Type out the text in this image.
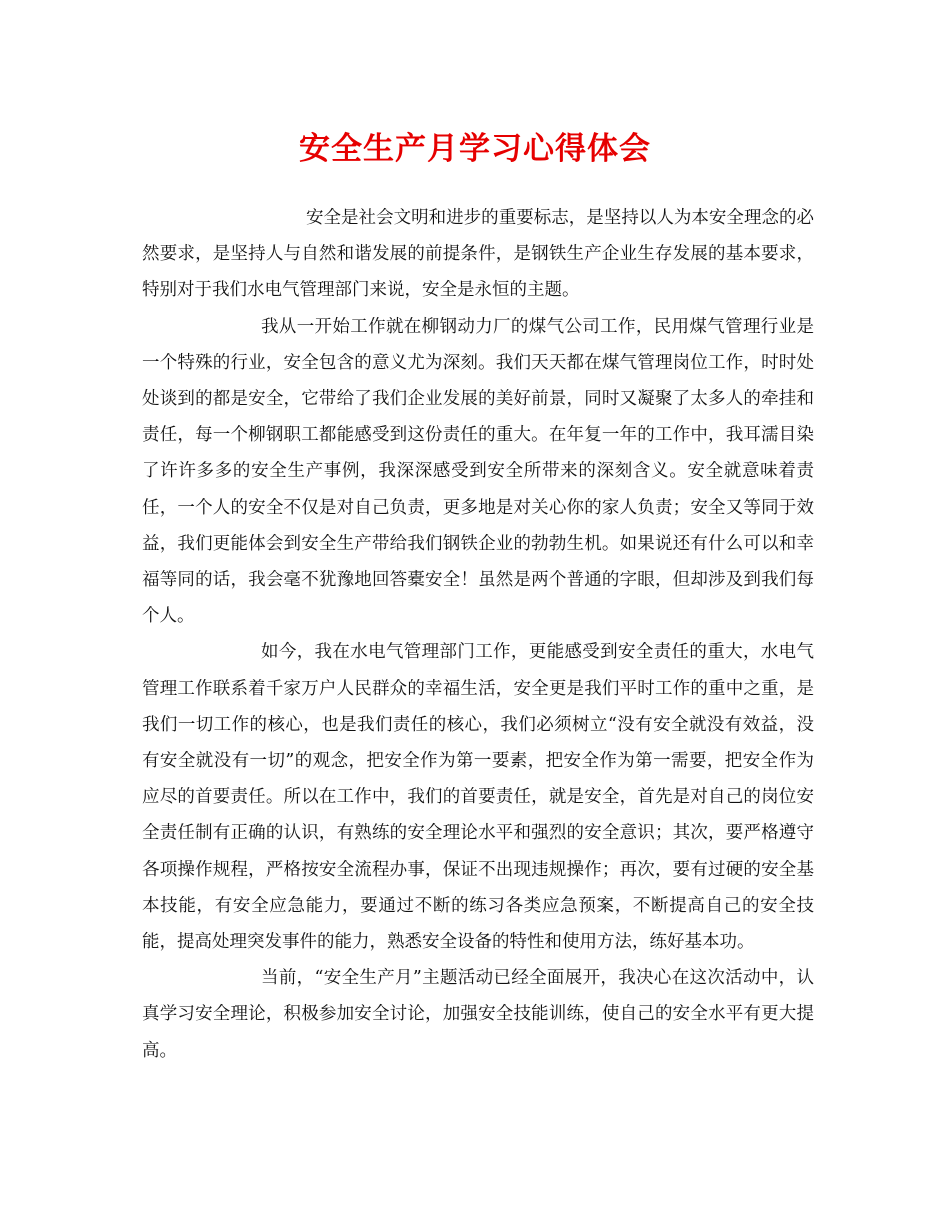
安全生产月学习心得体会

安全是社会文明和进步的重要标志，是坚持以人为本安全理念的必然要求，是坚持人与自然和谐发展的前提条件，是钢铁生产企业生存发展的基本要求，特别对于我们水电气管理部门来说，安全是永恒的主题。

我从一开始工作就在柳钢动力厂的煤气公司工作，民用煤气管理行业是一个特殊的行业，安全包含的意义尤为深刻。我们天天都在煤气管理岗位工作，时时处处谈到的都是安全，它带给了我们企业发展的美好前景，同时又凝聚了太多人的牵挂和责任，每一个柳钢职工都能感受到这份责任的重大。在年复一年的工作中，我耳濡目染了许许多多的安全生产事例，我深深感受到安全所带来的深刻含义。安全就意味着责任，一个人的安全不仅是对自己负责，更多地是对关心你的家人负责；安全又等同于效益，我们更能体会到安全生产带给我们钢铁企业的勃勃生机。如果说还有什么可以和幸福等同的话，我会毫不犹豫地回答橐安全！虽然是两个普通的字眼，但却涉及到我们每个人。

如今，我在水电气管理部门工作，更能感受到安全责任的重大，水电气管理工作联系着千家万户人民群众的幸福生活，安全更是我们平时工作的重中之重，是我们一切工作的核心，也是我们责任的核心，我们必须树立“没有安全就没有效益，没有安全就没有一切”的观念，把安全作为第一要素，把安全作为第一需要，把安全作为应尽的首要责任。所以在工作中，我们的首要责任，就是安全，首先是对自己的岗位安全责任制有正确的认识，有熟练的安全理论水平和强烈的安全意识；其次，要严格遵守各项操作规程，严格按安全流程办事，保证不出现违规操作；再次，要有过硬的安全基本技能，有安全应急能力，要通过不断的练习各类应急预案，不断提高自己的安全技能，提高处理突发事件的能力，熟悉安全设备的特性和使用方法，练好基本功。

当前，“安全生产月”主题活动已经全面展开，我决心在这次活动中，认真学习安全理论，积极参加安全讨论，加强安全技能训练，使自己的安全水平有更大提高。
